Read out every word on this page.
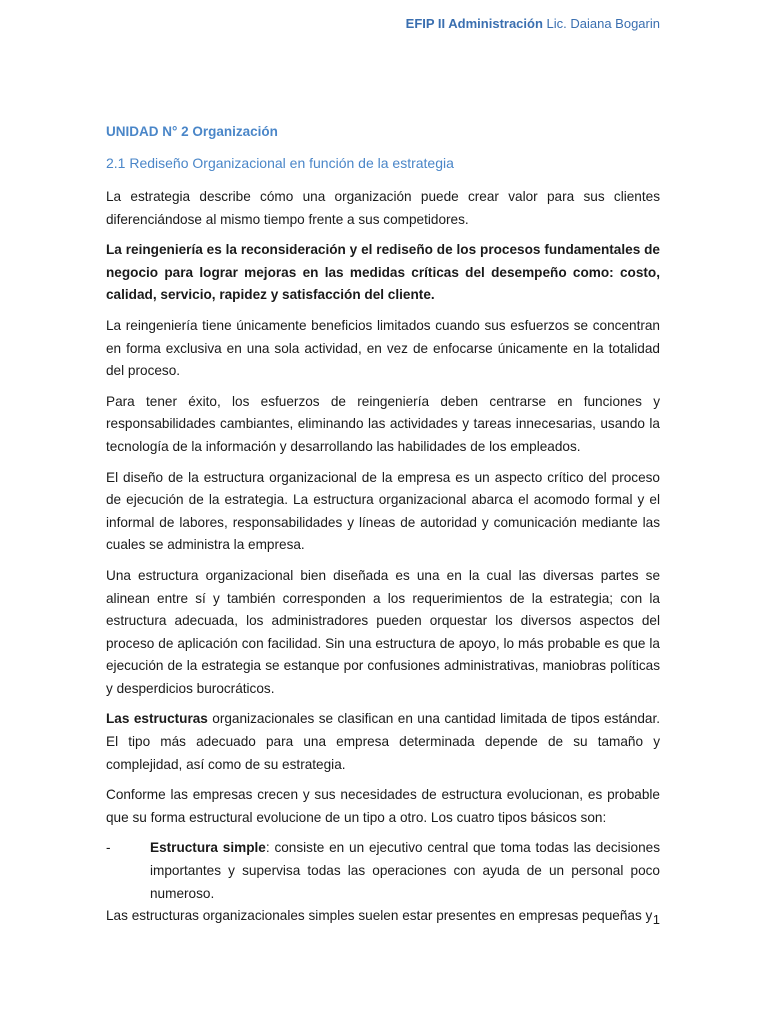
EFIP II Administración Lic. Daiana Bogarin
UNIDAD N° 2 Organización
2.1 Rediseño Organizacional en función de la estrategia

La estrategia describe cómo una organización puede crear valor para sus clientes diferenciándose al mismo tiempo frente a sus competidores.

La reingeniería es la reconsideración y el rediseño de los procesos fundamentales de negocio para lograr mejoras en las medidas críticas del desempeño como: costo, calidad, servicio, rapidez y satisfacción del cliente.

La reingeniería tiene únicamente beneficios limitados cuando sus esfuerzos se concentran en forma exclusiva en una sola actividad, en vez de enfocarse únicamente en la totalidad del proceso.

Para tener éxito, los esfuerzos de reingeniería deben centrarse en funciones y responsabilidades cambiantes, eliminando las actividades y tareas innecesarias, usando la tecnología de la información y desarrollando las habilidades de los empleados.

El diseño de la estructura organizacional de la empresa es un aspecto crítico del proceso de ejecución de la estrategia. La estructura organizacional abarca el acomodo formal y el informal de labores, responsabilidades y líneas de autoridad y comunicación mediante las cuales se administra la empresa.

Una estructura organizacional bien diseñada es una en la cual las diversas partes se alinean entre sí y también corresponden a los requerimientos de la estrategia; con la estructura adecuada, los administradores pueden orquestar los diversos aspectos del proceso de aplicación con facilidad. Sin una estructura de apoyo, lo más probable es que la ejecución de la estrategia se estanque por confusiones administrativas, maniobras políticas y desperdicios burocráticos.

Las estructuras organizacionales se clasifican en una cantidad limitada de tipos estándar. El tipo más adecuado para una empresa determinada depende de su tamaño y complejidad, así como de su estrategia.

Conforme las empresas crecen y sus necesidades de estructura evolucionan, es probable que su forma estructural evolucione de un tipo a otro. Los cuatro tipos básicos son:

-	Estructura simple: consiste en un ejecutivo central que toma todas las decisiones importantes y supervisa todas las operaciones con ayuda de un personal poco numeroso.
Las estructuras organizacionales simples suelen estar presentes en empresas pequeñas y 1
